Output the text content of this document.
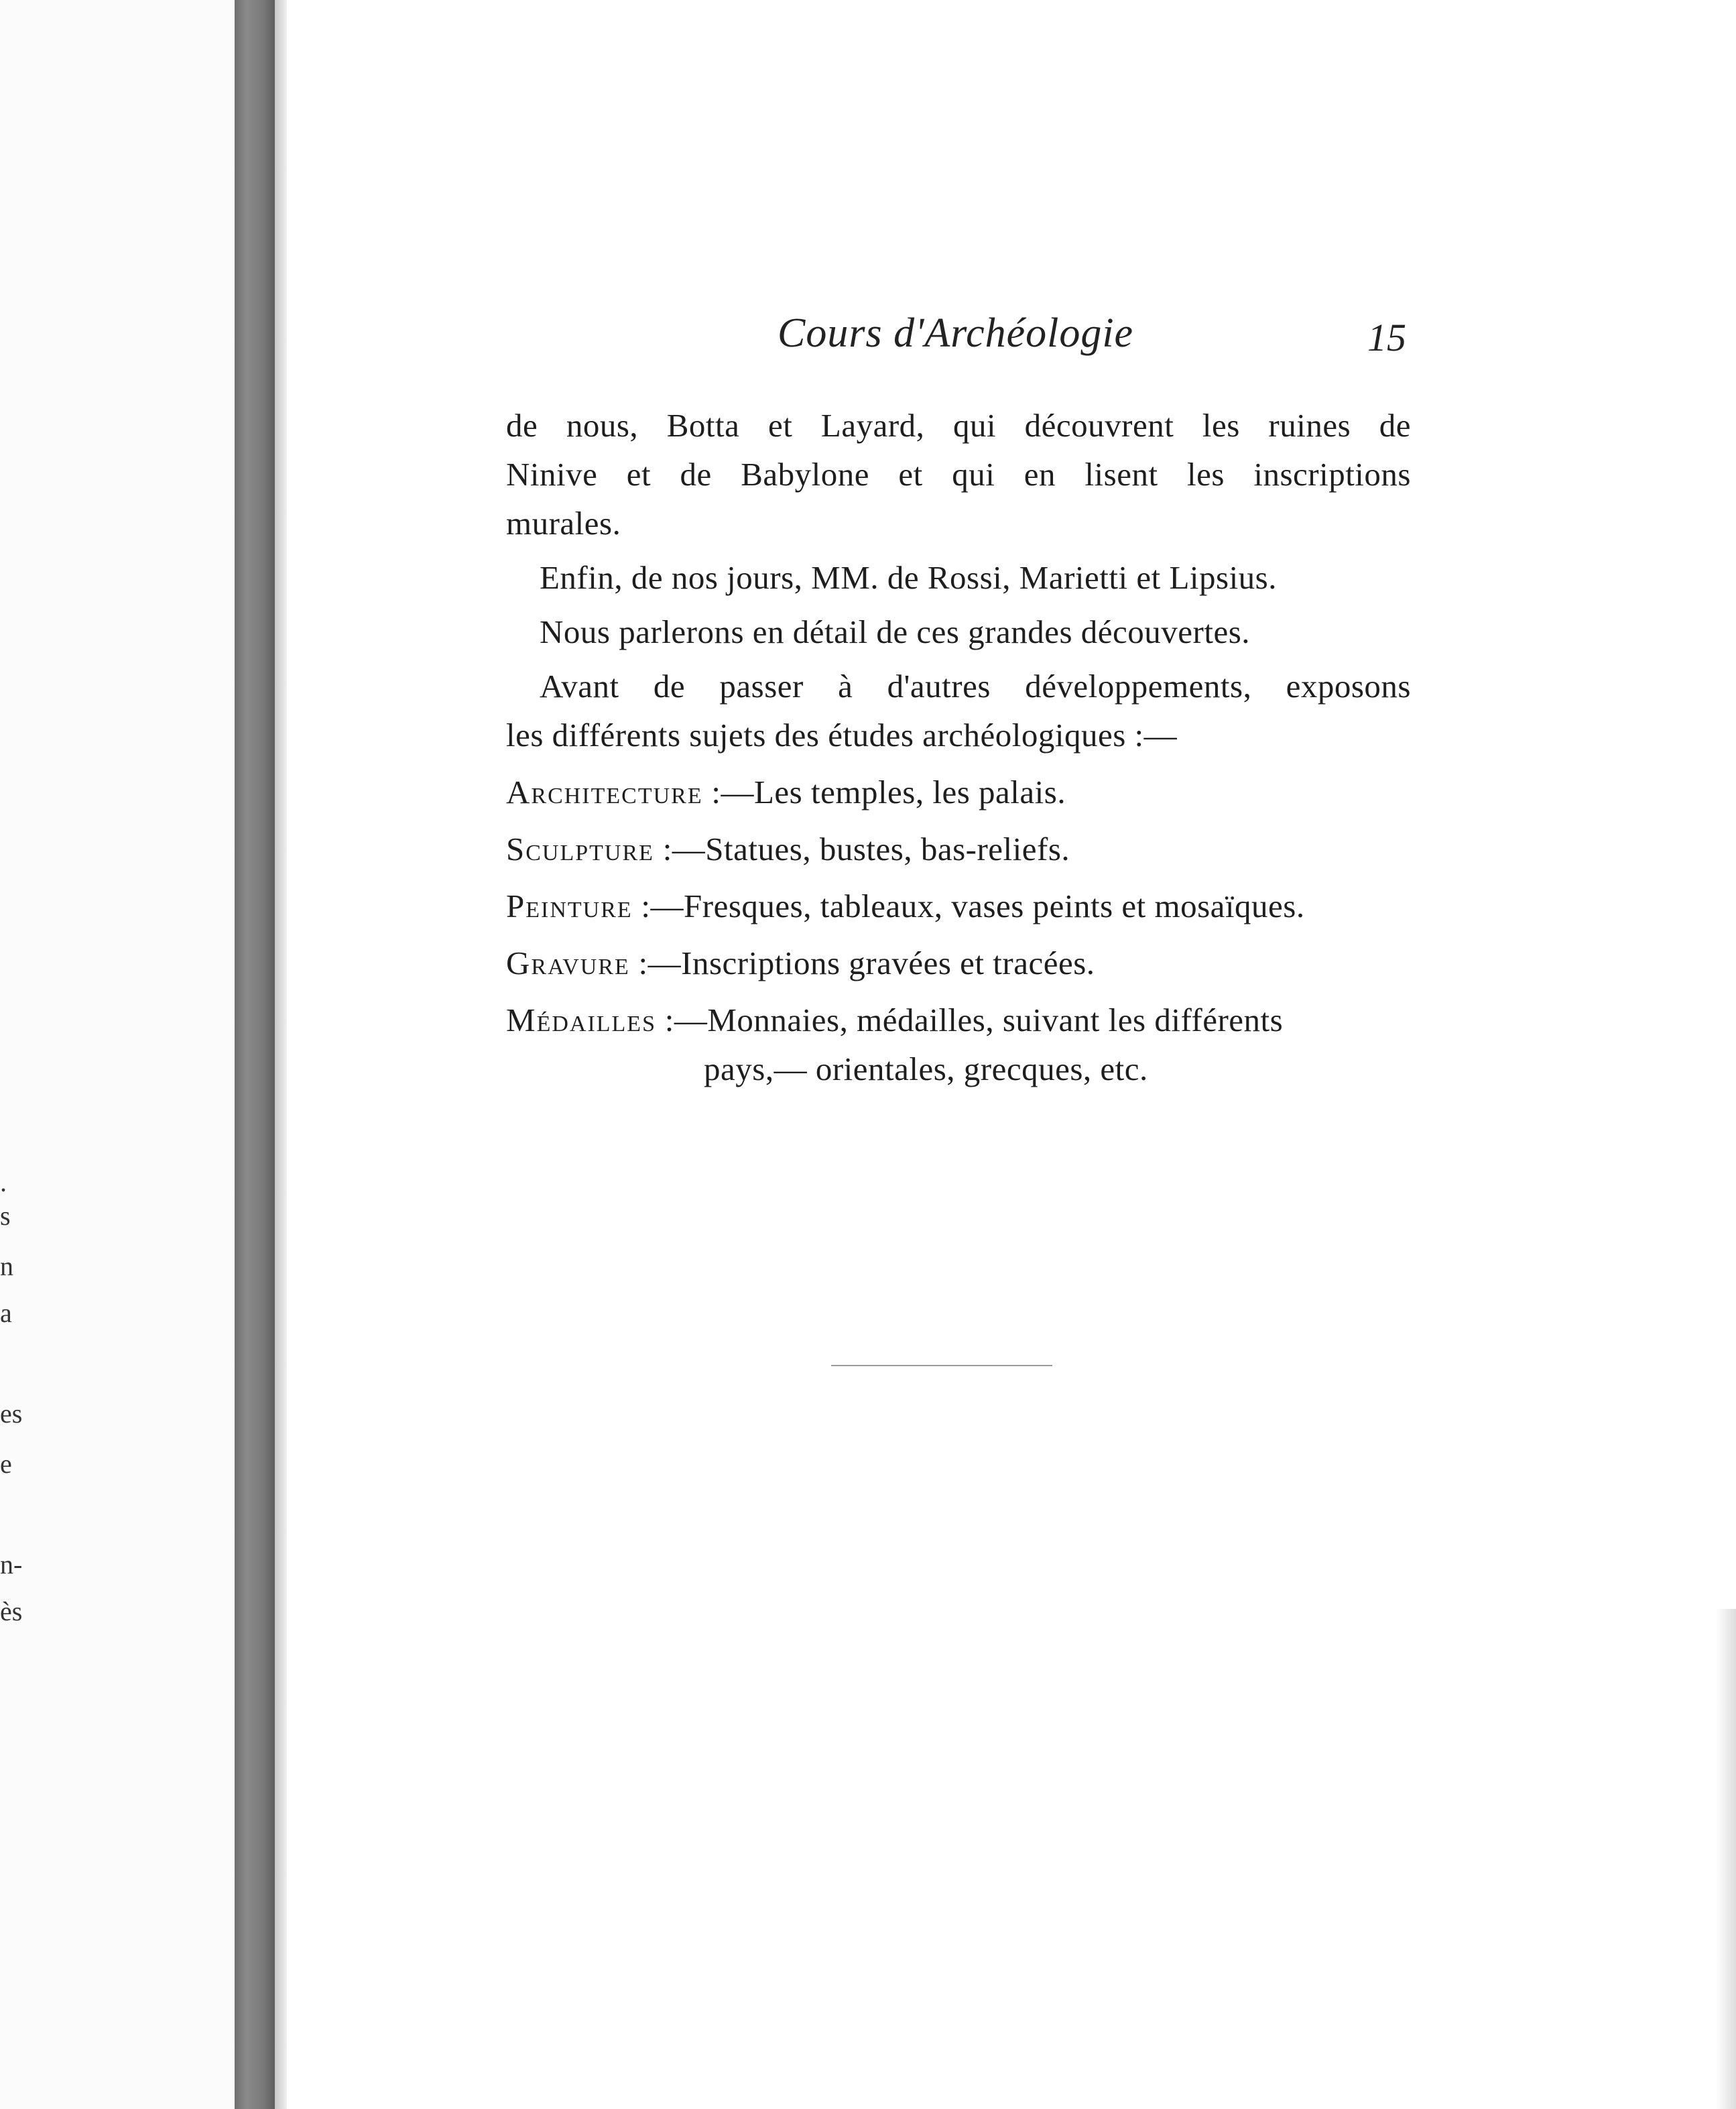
.
s
n
a
es
e
n-
ès
Cours d'Archéologie	15
de nous, Botta et Layard, qui découvrent les ruines de
Ninive et de Babylone et qui en lisent les inscriptions
murales.
Enfin, de nos jours, MM. de Rossi, Marietti et Lipsius.
Nous parlerons en détail de ces grandes découvertes.
Avant de passer à d'autres développements, exposons
les différents sujets des études archéologiques :—
Architecture :—Les temples, les palais.
Sculpture :—Statues, bustes, bas-reliefs.
Peinture :—Fresques, tableaux, vases peints et mosaïques.
Gravure :—Inscriptions gravées et tracées.
Médailles :—Monnaies, médailles, suivant les différents
pays,— orientales, grecques, etc.
